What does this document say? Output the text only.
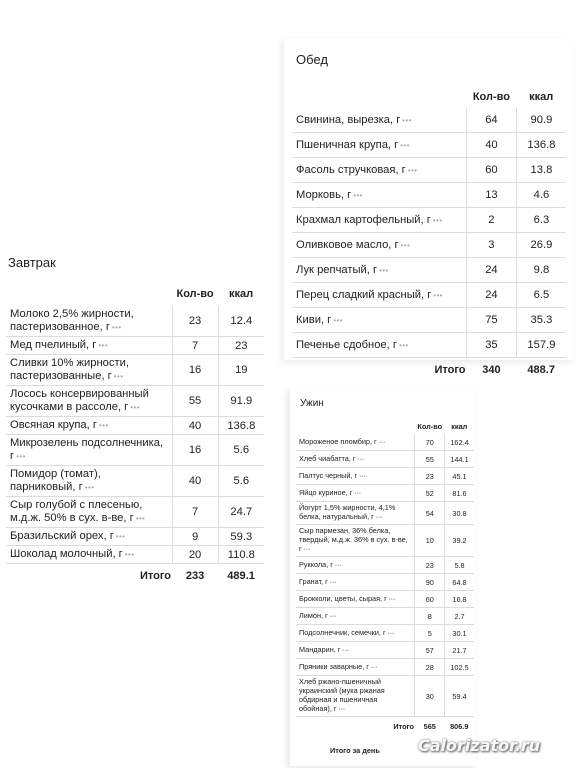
Завтрак
	Кол-во	ккал
Молоко 2,5% жирности, пастеризованное, г •••	23	12.4
Мед пчелиный, г •••	7	23
Сливки 10% жирности, пастеризованные, г •••	16	19
Лосось консервированный кусочками в рассоле, г •••	55	91.9
Овсяная крупа, г •••	40	136.8
Микрозелень подсолнечника, г •••	16	5.6
Помидор (томат), парниковый, г •••	40	5.6
Сыр голубой с плесенью, м.д.ж. 50% в сух. в-ве, г •••	7	24.7
Бразильский орех, г •••	9	59.3
Шоколад молочный, г •••	20	110.8
Итого	233	489.1
Обед
	Кол-во	ккал
Свинина, вырезка, г •••	64	90.9
Пшеничная крупа, г •••	40	136.8
Фасоль стручковая, г •••	60	13.8
Морковь, г •••	13	4.6
Крахмал картофельный, г •••	2	6.3
Оливковое масло, г •••	3	26.9
Лук репчатый, г •••	24	9.8
Перец сладкий красный, г •••	24	6.5
Киви, г •••	75	35.3
Печенье сдобное, г •••	35	157.9
Итого	340	488.7
Ужин
	Кол-во	ккал
Мороженое пломбир, г •••	70	162.4
Хлеб чиабатта, г •••	55	144.1
Палтус черный, г •••	23	45.1
Яйцо куриное, г •••	52	81.6
Йогурт 1,5% жирности, 4,1% белка, натуральный, г •••	54	30.8
Сыр пармезан, 36% белка, твердый, м.д.ж. 36% в сух. в-ве, г •••	10	39.2
Руккола, г •••	23	5.8
Гранат, г •••	90	64.8
Брокколи, цветы, сырая, г •••	60	16.8
Лимон, г •••	8	2.7
Подсолнечник, семечки, г •••	5	30.1
Мандарин, г •••	57	21.7
Пряники заварные, г •••	28	102.5
Хлеб ржано-пшеничный украинский (мука ржаная обдирная и пшеничная обойная), г •••	30	59.4
Итого	565	806.9
Итого за день Calorizator.ru
